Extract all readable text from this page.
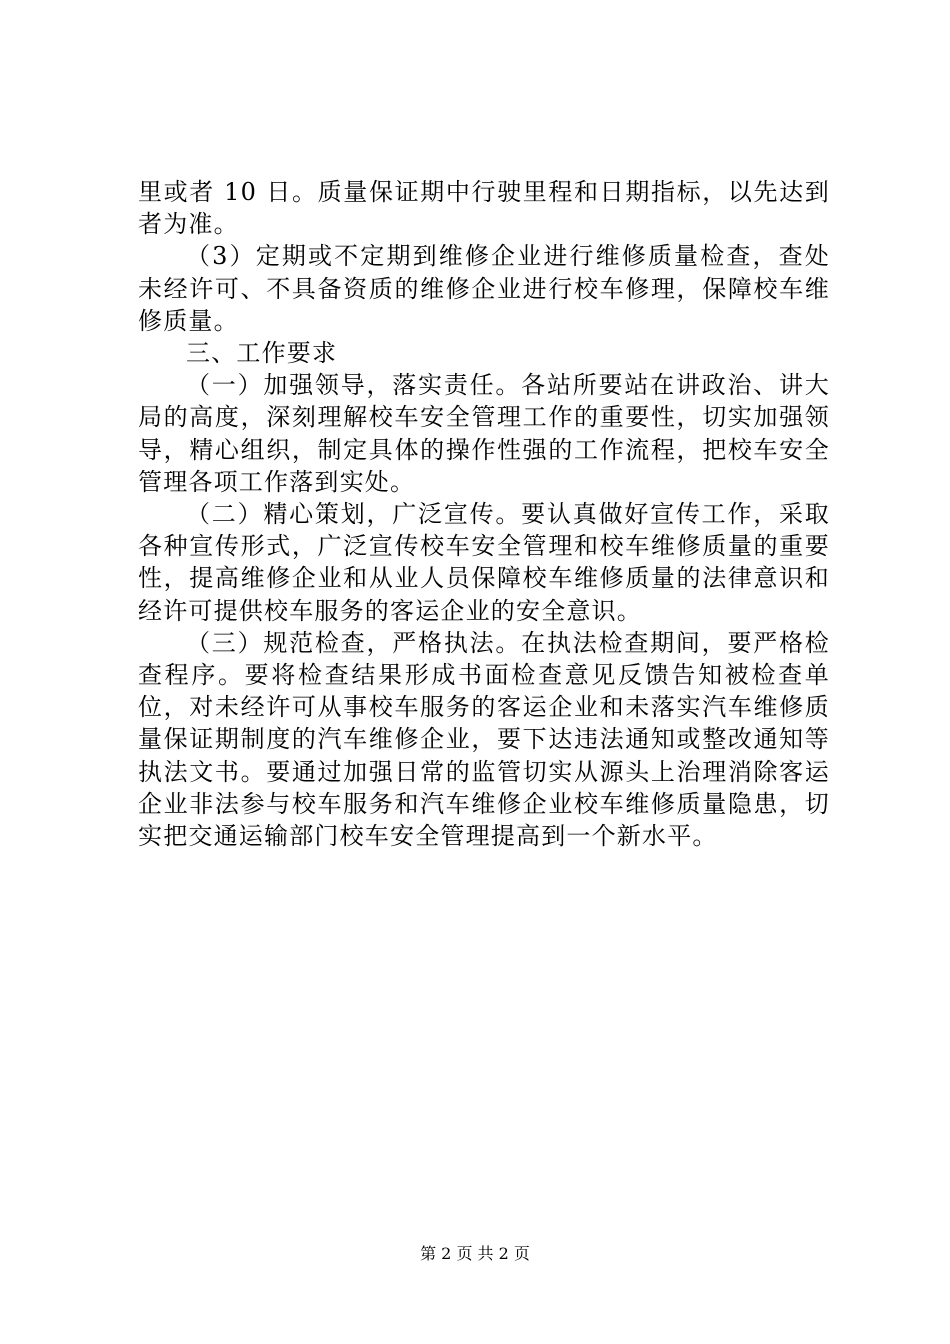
里或者 10 日。质量保证期中行驶里程和日期指标，以先达到者为准。

（3）定期或不定期到维修企业进行维修质量检查，查处未经许可、不具备资质的维修企业进行校车修理，保障校车维修质量。

三、工作要求

（一）加强领导，落实责任。各站所要站在讲政治、讲大局的高度，深刻理解校车安全管理工作的重要性，切实加强领导，精心组织，制定具体的操作性强的工作流程，把校车安全管理各项工作落到实处。

（二）精心策划，广泛宣传。要认真做好宣传工作，采取各种宣传形式，广泛宣传校车安全管理和校车维修质量的重要性，提高维修企业和从业人员保障校车维修质量的法律意识和经许可提供校车服务的客运企业的安全意识。

（三）规范检查，严格执法。在执法检查期间，要严格检查程序。要将检查结果形成书面检查意见反馈告知被检查单位，对未经许可从事校车服务的客运企业和未落实汽车维修质量保证期制度的汽车维修企业，要下达违法通知或整改通知等执法文书。要通过加强日常的监管切实从源头上治理消除客运企业非法参与校车服务和汽车维修企业校车维修质量隐患，切实把交通运输部门校车安全管理提高到一个新水平。

第 2 页 共 2 页
